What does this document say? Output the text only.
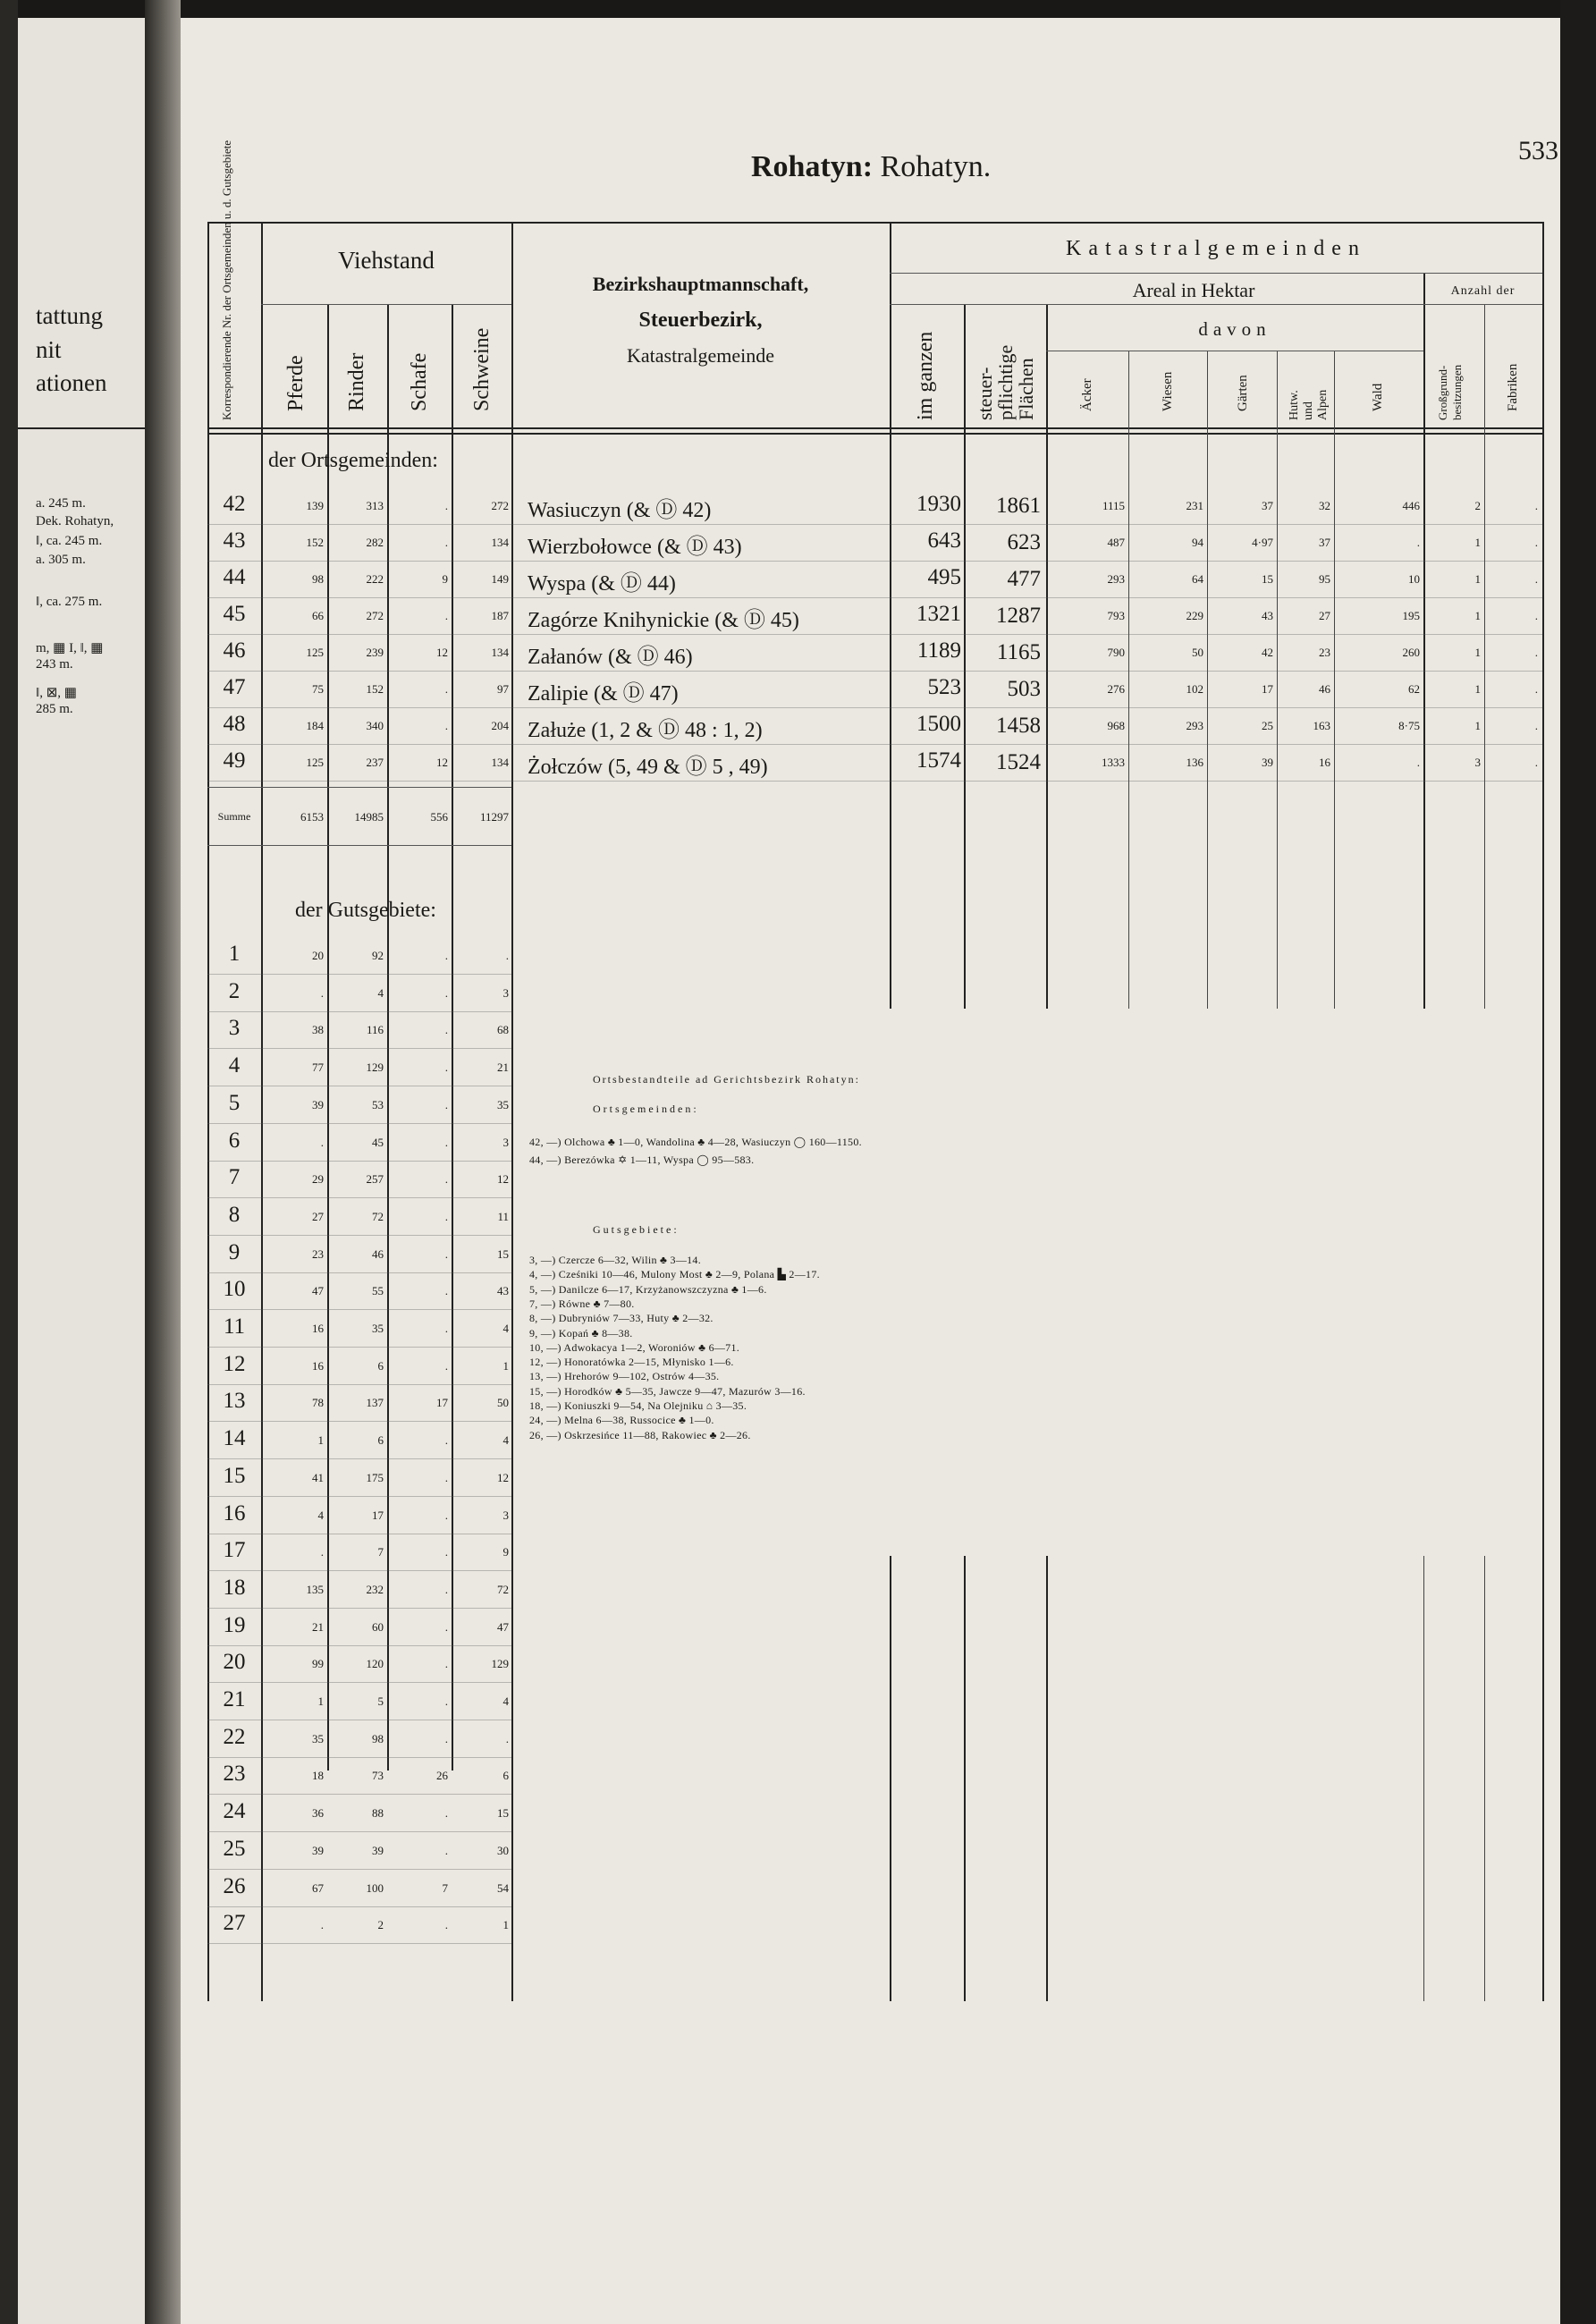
tattung
nit
ationen
a. 245 m.
Dek. Rohatyn,
ǁ, ca. 245 m.
a. 305 m.
ǁ, ca. 275 m.
m, ▦ I, ǁ, ▦
243 m.
ǁ, ⊠, ▦
285 m.
Rohatyn: Rohatyn.	533
Korrespondierende Nr. der Ortsgemeinden u. d. Gutsgebiete	Viehstand
Pferde Rinder Schafe Schweine
Bezirkshauptmannschaft,
Steuerbezirk,
Katastralgemeinde
Katastralgemeinden
Areal in Hektar	Anzahl der
davon
im ganzen steuer-
pflichtige
Flächen	Äcker	Wiesen	Gärten	Hutw. und Alpen	Wald	Großgrund- besitzungen	Fabriken
der Ortsgemeinden:
42	139	313	.	272 Wasiuczyn (& Ⓓ 42)	1930	1861	1115	231	37	32	446	2	.
43	152	282	.	134 Wierzbołowce (& Ⓓ 43)	643	623	487	94	4·97	37	.	1	.
44	98	222	9	149 Wyspa (& Ⓓ 44)	495	477	293	64	15	95	10	1	.
45	66	272	.	187 Zagórze Knihynickie (& Ⓓ 45)	1321	1287	793	229	43	27	195	1	.
46	125	239	12	134 Załanów (& Ⓓ 46)	1189	1165	790	50	42	23	260	1	.
47	75	152	.	97 Zalipie (& Ⓓ 47)	523	503	276	102	17	46	62	1	.
48	184	340	.	204 Załuże (1, 2 & Ⓓ 48 : 1, 2)	1500	1458	968	293	25	163	8·75	1	.
49	125	237	12	134 Żołczów (5, 49 & Ⓓ 5 , 49)	1574	1524	1333	136	39	16	.	3	.
Summe	6153	14985	556	11297
der Gutsgebiete:
1	20	92	.	.
2	.	4	.	3
3	38	116	.	68
4	77	129	.	21
5	39	53	.	35
6	.	45	.	3
7	29	257	.	12
8	27	72	.	11
9	23	46	.	15
10	47	55	.	43
11	16	35	.	4
12	16	6	.	1
13	78	137	17	50
14	1	6	.	4
15	41	175	.	12
16	4	17	.	3
17	.	7	.	9
18	135	232	.	72
19	21	60	.	47
20	99	120	.	129
21	1	5	.	4
22	35	98	.	.
23	18	73	26	6
24	36	88	.	15
25	39	39	.	30
26	67	100	7	54
27	.	2	.	1
Ortsbestandteile ad Gerichtsbezirk Rohatyn:
Ortsgemeinden:
42, —) Olchowa ♣ 1—0, Wandolina ♣ 4—28, Wasiuczyn ◯ 160—1150.
44, —) Berezówka ✡ 1—11, Wyspa ◯ 95—583.
Gutsgebiete:
3, —) Czercze 6—32, Wilin ♣ 3—14.
4, —) Cześniki 10—46, Mulony Most ♣ 2—9, Polana ▙ 2—17.
5, —) Danilcze 6—17, Krzyżanowszczyzna ♣ 1—6.
7, —) Równe ♣ 7—80.
8, —) Dubryniów 7—33, Huty ♣ 2—32.
9, —) Kopań ♣ 8—38.
10, —) Adwokacya 1—2, Woroniów ♣ 6—71.
12, —) Honoratówka 2—15, Młynisko 1—6.
13, —) Hrehorów 9—102, Ostrów 4—35.
15, —) Horodków ♣ 5—35, Jawcze 9—47, Mazurów 3—16.
18, —) Koniuszki 9—54, Na Olejniku ⌂ 3—35.
24, —) Melna 6—38, Russocice ♣ 1—0.
26, —) Oskrzesińce 11—88, Rakowiec ♣ 2—26.
